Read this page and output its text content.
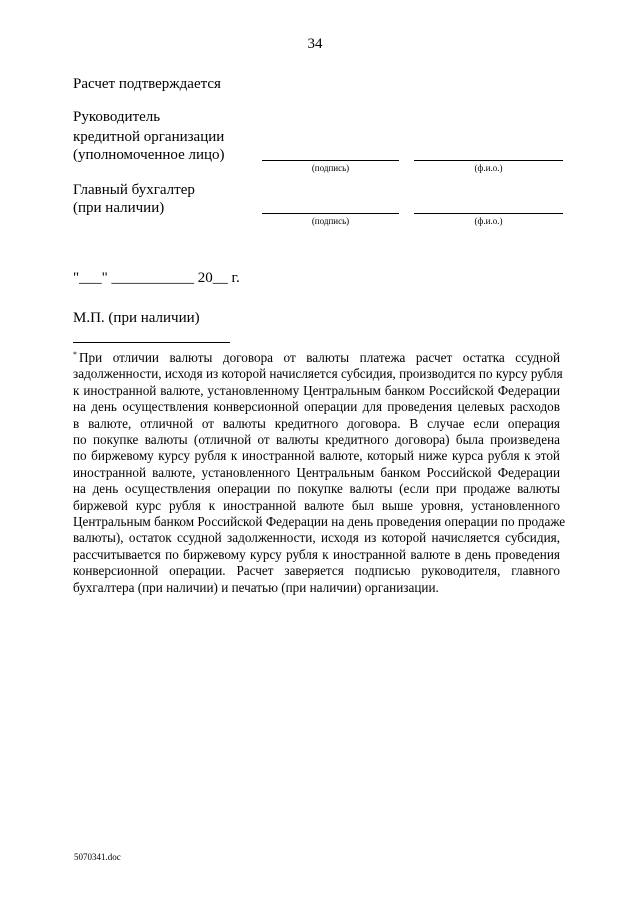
34
Расчет подтверждается
Руководитель
кредитной организации
(уполномоченное лицо)
(подпись)	(ф.и.о.)
Главный бухгалтер
(при наличии)
(подпись)	(ф.и.о.)
"___" ___________ 20__ г.
М.П. (при наличии)
* При отличии валюты договора от валюты платежа расчет остатка ссудной
задолженности, исходя из которой начисляется субсидия, производится по курсу рубля
к иностранной валюте, установленному Центральным банком Российской Федерации
на день осуществления конверсионной операции для проведения целевых расходов
в валюте, отличной от валюты кредитного договора. В случае если операция
по покупке валюты (отличной от валюты кредитного договора) была произведена
по биржевому курсу рубля к иностранной валюте, который ниже курса рубля к этой
иностранной валюте, установленного Центральным банком Российской Федерации
на день осуществления операции по покупке валюты (если при продаже валюты
биржевой курс рубля к иностранной валюте был выше уровня, установленного
Центральным банком Российской Федерации на день проведения операции по продаже
валюты), остаток ссудной задолженности, исходя из которой начисляется субсидия,
рассчитывается по биржевому курсу рубля к иностранной валюте в день проведения
конверсионной операции. Расчет заверяется подписью руководителя, главного
бухгалтера (при наличии) и печатью (при наличии) организации.
5070341.doc
